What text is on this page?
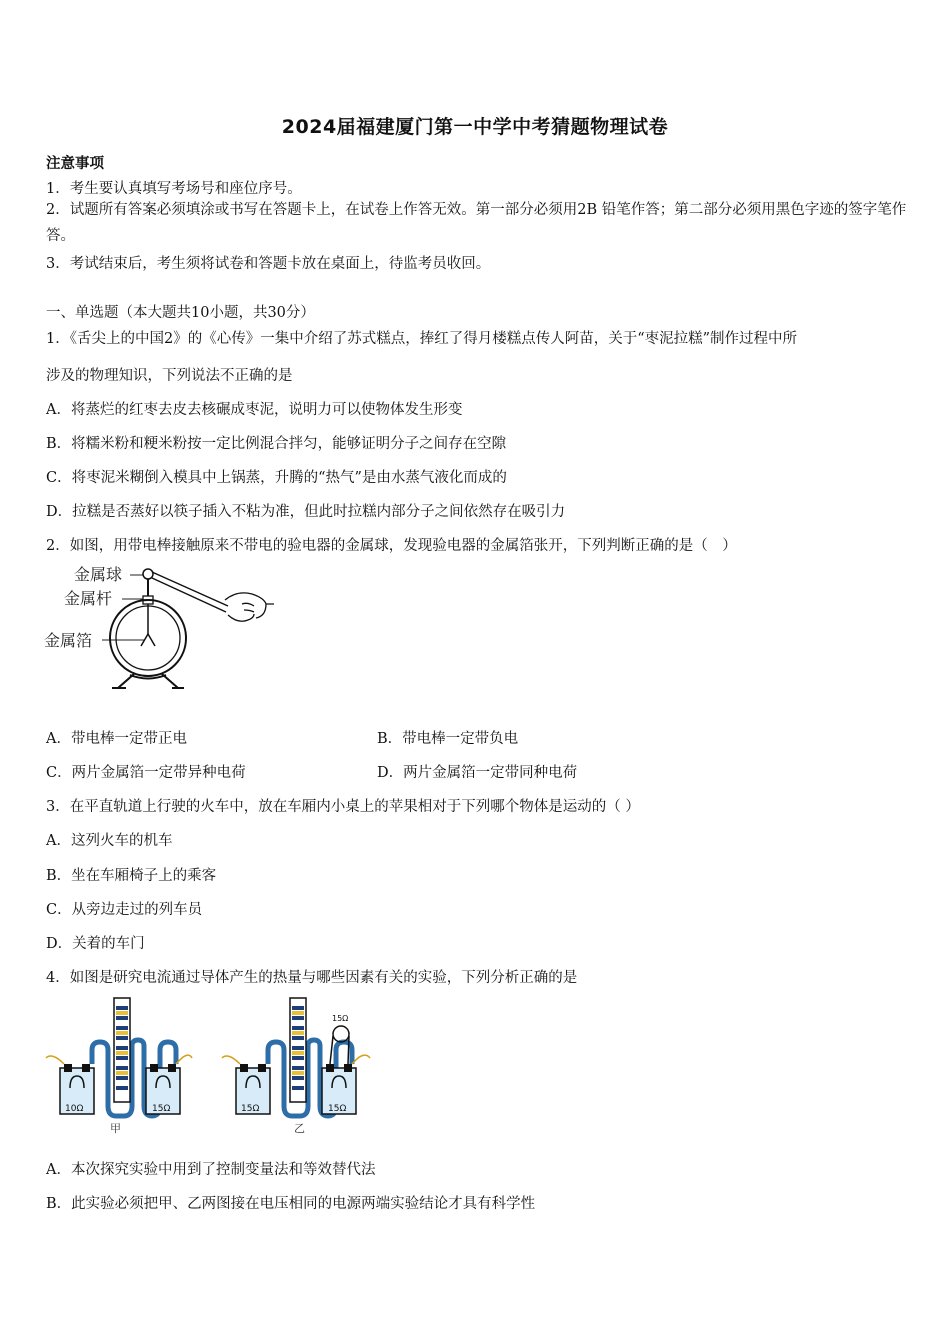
2024届福建厦门第一中学中考猜题物理试卷
注意事项
1．考生要认真填写考场号和座位序号。
2．试题所有答案必须填涂或书写在答题卡上，在试卷上作答无效。第一部分必须用2B 铅笔作答；第二部分必须用黑色字迹的签字笔作答。
3．考试结束后，考生须将试卷和答题卡放在桌面上，待监考员收回。
一、单选题（本大题共10小题，共30分）
1．《舌尖上的中国2》的《心传》一集中介绍了苏式糕点，捧红了得月楼糕点传人阿苗，关于“枣泥拉糕”制作过程中所
涉及的物理知识，下列说法不正确的是
A．将蒸烂的红枣去皮去核碾成枣泥，说明力可以使物体发生形变
B．将糯米粉和粳米粉按一定比例混合拌匀，能够证明分子之间存在空隙
C．将枣泥米糊倒入模具中上锅蒸，升腾的“热气”是由水蒸气液化而成的
D．拉糕是否蒸好以筷子插入不粘为准，但此时拉糕内部分子之间依然存在吸引力
2．如图，用带电棒接触原来不带电的验电器的金属球，发现验电器的金属箔张开，下列判断正确的是（　）
金属球
金属杆
金属箔
A．带电棒一定带正电	B．带电棒一定带负电
C．两片金属箔一定带异种电荷	D．两片金属箔一定带同种电荷
3．在平直轨道上行驶的火车中，放在车厢内小桌上的苹果相对于下列哪个物体是运动的（ ）
A．这列火车的机车
B．坐在车厢椅子上的乘客
C．从旁边走过的列车员
D．关着的车门
4．如图是研究电流通过导体产生的热量与哪些因素有关的实验，下列分析正确的是
10Ω	15Ω
甲
15Ω
15Ω	15Ω
乙
A．本次探究实验中用到了控制变量法和等效替代法
B．此实验必须把甲、乙两图接在电压相同的电源两端实验结论才具有科学性
